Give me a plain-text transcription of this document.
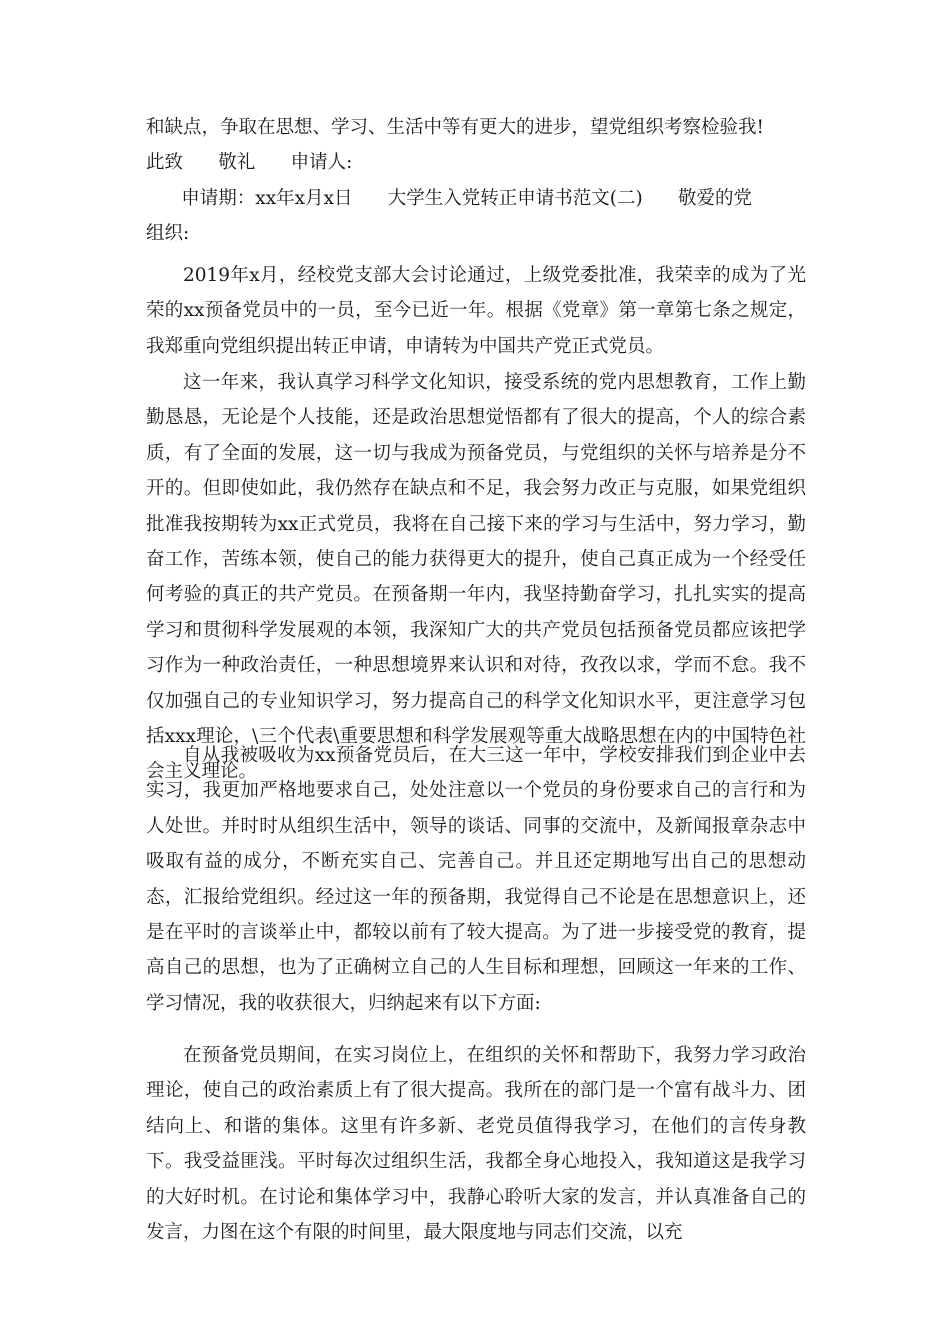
和缺点，争取在思想、学习、生活中等有更大的进步，望党组织考察检验我!
此致      敬礼      申请人:
申请期：xx年x月x日      大学生入党转正申请书范文(二)      敬爱的党
组织:

2019年x月，经校党支部大会讨论通过，上级党委批准，我荣幸的成为了光荣的xx预备党员中的一员，至今已近一年。根据《党章》第一章第七条之规定，我郑重向党组织提出转正申请，申请转为中国共产党正式党员。

这一年来，我认真学习科学文化知识，接受系统的党内思想教育，工作上勤勤恳恳，无论是个人技能，还是政治思想觉悟都有了很大的提高，个人的综合素质，有了全面的发展，这一切与我成为预备党员，与党组织的关怀与培养是分不开的。但即使如此，我仍然存在缺点和不足，我会努力改正与克服，如果党组织批准我按期转为xx正式党员，我将在自己接下来的学习与生活中，努力学习，勤奋工作，苦练本领，使自己的能力获得更大的提升，使自己真正成为一个经受任何考验的真正的共产党员。在预备期一年内，我坚持勤奋学习，扎扎实实的提高学习和贯彻科学发展观的本领，我深知广大的共产党员包括预备党员都应该把学习作为一种政治责任，一种思想境界来认识和对待，孜孜以求，学而不怠。我不仅加强自己的专业知识学习，努力提高自己的科学文化知识水平，更注意学习包括xxx理论，\三个代表\重要思想和科学发展观等重大战略思想在内的中国特色社会主义理论。

自从我被吸收为xx预备党员后，在大三这一年中，学校安排我们到企业中去实习，我更加严格地要求自己，处处注意以一个党员的身份要求自己的言行和为人处世。并时时从组织生活中，领导的谈话、同事的交流中，及新闻报章杂志中吸取有益的成分，不断充实自己、完善自己。并且还定期地写出自己的思想动态，汇报给党组织。经过这一年的预备期，我觉得自己不论是在思想意识上，还是在平时的言谈举止中，都较以前有了较大提高。为了进一步接受党的教育，提高自己的思想，也为了正确树立自己的人生目标和理想，回顾这一年来的工作、学习情况，我的收获很大，归纳起来有以下方面:

在预备党员期间，在实习岗位上，在组织的关怀和帮助下，我努力学习政治理论，使自己的政治素质上有了很大提高。我所在的部门是一个富有战斗力、团结向上、和谐的集体。这里有许多新、老党员值得我学习，在他们的言传身教下。我受益匪浅。平时每次过组织生活，我都全身心地投入，我知道这是我学习的大好时机。在讨论和集体学习中，我静心聆听大家的发言，并认真准备自己的发言，力图在这个有限的时间里，最大限度地与同志们交流，以充
